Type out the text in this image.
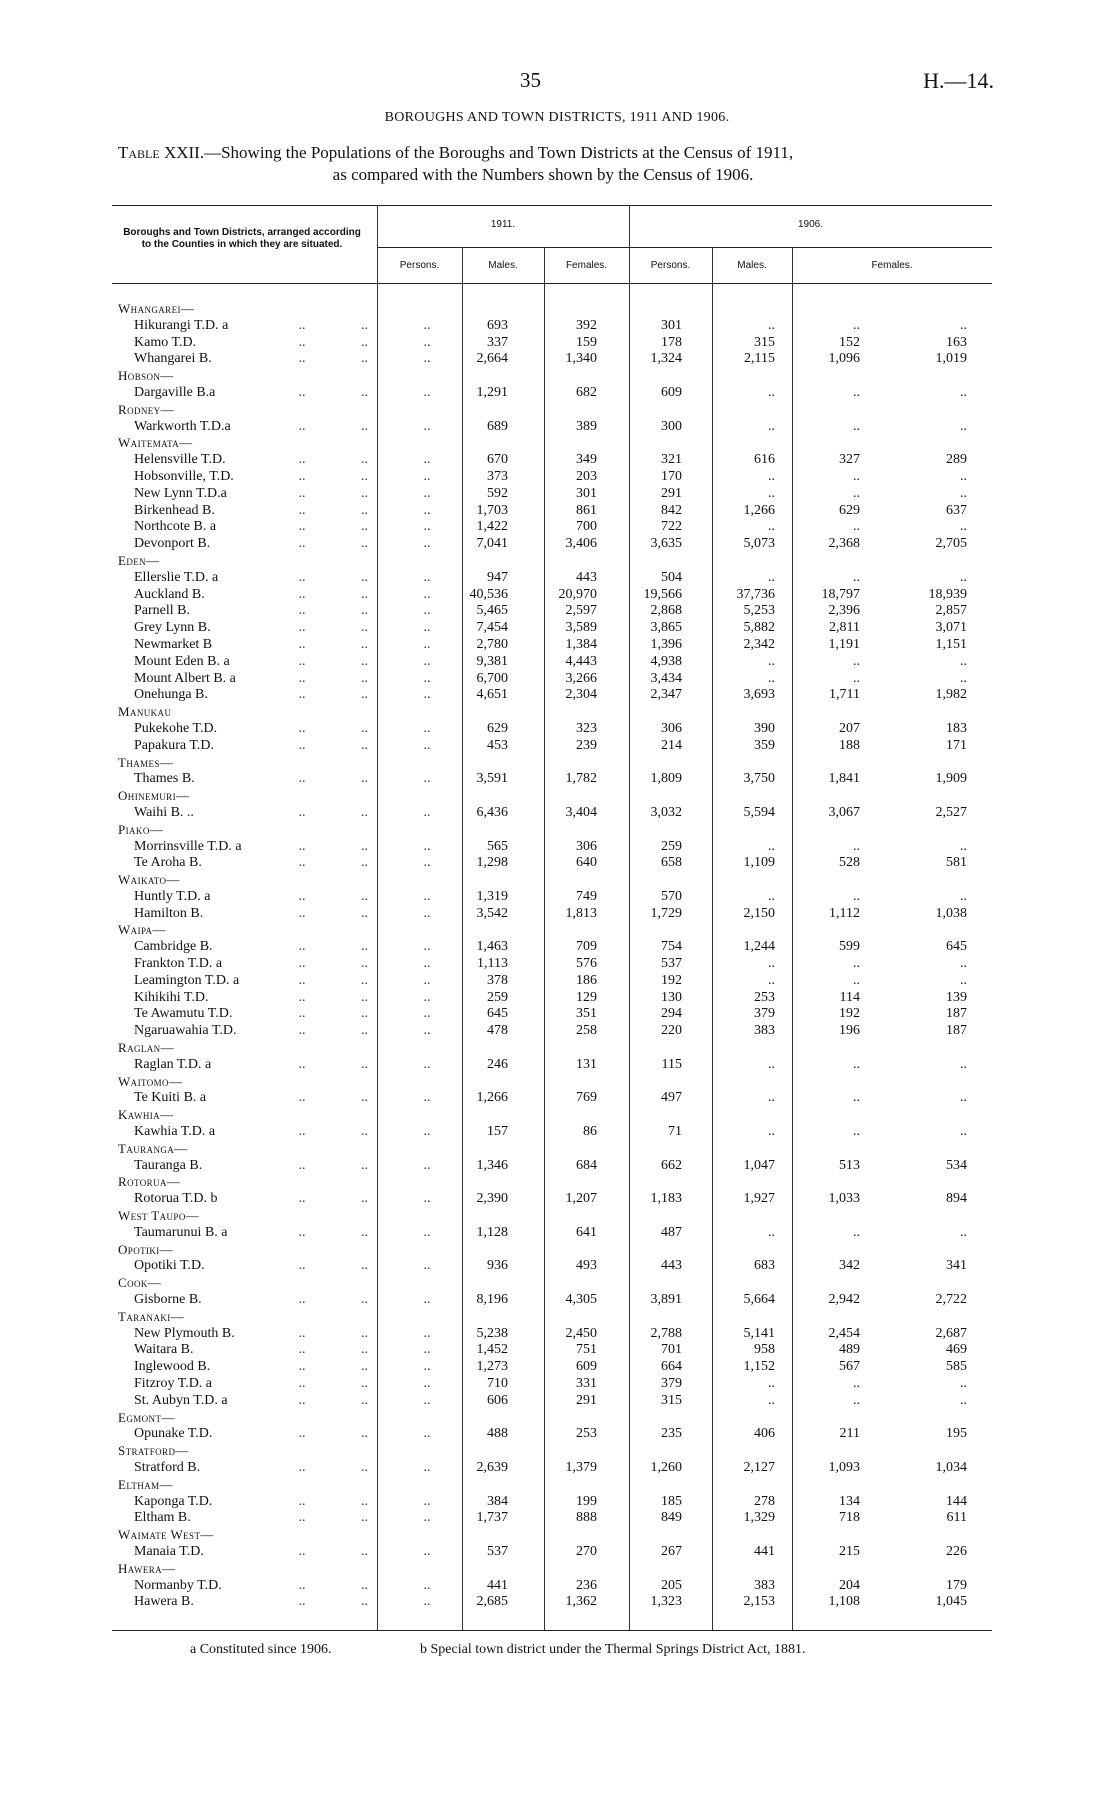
35	H.—14.
BOROUGHS AND TOWN DISTRICTS, 1911 AND 1906.
Table XXII.—Showing the Populations of the Boroughs and Town Districts at the Census of 1911,
as compared with the Numbers shown by the Census of 1906.
Boroughs and Town Districts, arranged according to the Counties in which they are situated.
1911.	1906.
Persons.	Males.	Females.	Persons.	Males.	Females.
Whangarei—
Hikurangi T.D. a	..	..	..	693	392	301	..	..	..
Kamo T.D.	..	..	..	337	159	178	315	152	163
Whangarei B.	..	..	..	2,664	1,340	1,324	2,115	1,096	1,019
Hobson—
Dargaville B.a	..	..	..	1,291	682	609	..	..	..
Rodney—
Warkworth T.D.a	..	..	..	689	389	300	..	..	..
Waitemata—
Helensville T.D.	..	..	..	670	349	321	616	327	289
Hobsonville, T.D.	..	..	..	373	203	170	..	..	..
New Lynn T.D.a	..	..	..	592	301	291	..	..	..
Birkenhead B.	..	..	..	1,703	861	842	1,266	629	637
Northcote B. a	..	..	..	1,422	700	722	..	..	..
Devonport B.	..	..	..	7,041	3,406	3,635	5,073	2,368	2,705
Eden—
Ellerslie T.D. a	..	..	..	947	443	504	..	..	..
Auckland B.	..	..	..	40,536	20,970	19,566	37,736	18,797	18,939
Parnell B.	..	..	..	5,465	2,597	2,868	5,253	2,396	2,857
Grey Lynn B.	..	..	..	7,454	3,589	3,865	5,882	2,811	3,071
Newmarket B	..	..	..	2,780	1,384	1,396	2,342	1,191	1,151
Mount Eden B. a	..	..	..	9,381	4,443	4,938	..	..	..
Mount Albert B. a	..	..	..	6,700	3,266	3,434	..	..	..
Onehunga B.	..	..	..	4,651	2,304	2,347	3,693	1,711	1,982
Manukau
Pukekohe T.D.	..	..	..	629	323	306	390	207	183
Papakura T.D.	..	..	..	453	239	214	359	188	171
Thames—
Thames B.	..	..	..	3,591	1,782	1,809	3,750	1,841	1,909
Ohinemuri—
Waihi B. ..	..	..	..	6,436	3,404	3,032	5,594	3,067	2,527
Piako—
Morrinsville T.D. a	..	..	..	565	306	259	..	..	..
Te Aroha B.	..	..	..	1,298	640	658	1,109	528	581
Waikato—
Huntly T.D. a	..	..	..	1,319	749	570	..	..	..
Hamilton B.	..	..	..	3,542	1,813	1,729	2,150	1,112	1,038
Waipa—
Cambridge B.	..	..	..	1,463	709	754	1,244	599	645
Frankton T.D. a	..	..	..	1,113	576	537	..	..	..
Leamington T.D. a	..	..	..	378	186	192	..	..	..
Kihikihi T.D.	..	..	..	259	129	130	253	114	139
Te Awamutu T.D.	..	..	..	645	351	294	379	192	187
Ngaruawahia T.D.	..	..	..	478	258	220	383	196	187
Raglan—
Raglan T.D. a	..	..	..	246	131	115	..	..	..
Waitomo—
Te Kuiti B. a	..	..	..	1,266	769	497	..	..	..
Kawhia—
Kawhia T.D. a	..	..	..	157	86	71	..	..	..
Tauranga—
Tauranga B.	..	..	..	1,346	684	662	1,047	513	534
Rotorua—
Rotorua T.D. b	..	..	..	2,390	1,207	1,183	1,927	1,033	894
West Taupo—
Taumarunui B. a	..	..	..	1,128	641	487	..	..	..
Opotiki—
Opotiki T.D.	..	..	..	936	493	443	683	342	341
Cook—
Gisborne B.	..	..	..	8,196	4,305	3,891	5,664	2,942	2,722
Taranaki—
New Plymouth B.	..	..	..	5,238	2,450	2,788	5,141	2,454	2,687
Waitara B.	..	..	..	1,452	751	701	958	489	469
Inglewood B.	..	..	..	1,273	609	664	1,152	567	585
Fitzroy T.D. a	..	..	..	710	331	379	..	..	..
St. Aubyn T.D. a	..	..	..	606	291	315	..	..	..
Egmont—
Opunake T.D.	..	..	..	488	253	235	406	211	195
Stratford—
Stratford B.	..	..	..	2,639	1,379	1,260	2,127	1,093	1,034
Eltham—
Kaponga T.D.	..	..	..	384	199	185	278	134	144
Eltham B.	..	..	..	1,737	888	849	1,329	718	611
Waimate West—
Manaia T.D.	..	..	..	537	270	267	441	215	226
Hawera—
Normanby T.D.	..	..	..	441	236	205	383	204	179
Hawera B.	..	..	..	2,685	1,362	1,323	2,153	1,108	1,045
a Constituted since 1906.	b Special town district under the Thermal Springs District Act, 1881.
